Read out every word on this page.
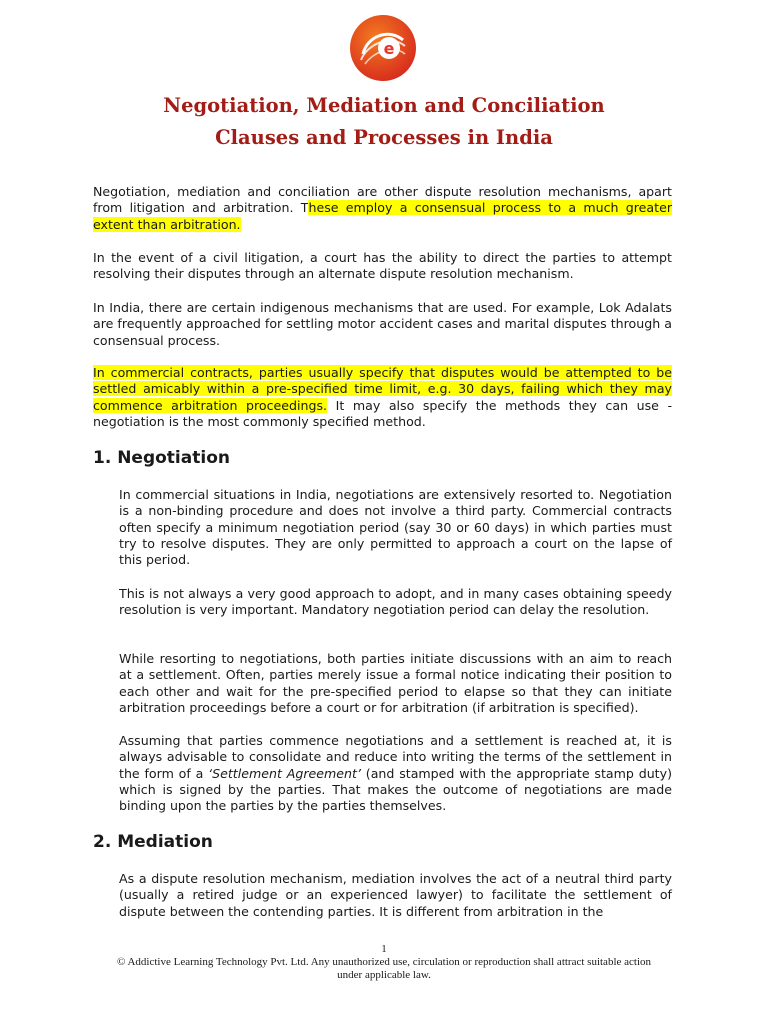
e
Negotiation, Mediation and Conciliation
Clauses and Processes in India

Negotiation, mediation and conciliation are other dispute resolution mechanisms, apart from litigation and arbitration. These employ a consensual process to a much greater extent than arbitration.

In the event of a civil litigation, a court has the ability to direct the parties to attempt resolving their disputes through an alternate dispute resolution mechanism.

In India, there are certain indigenous mechanisms that are used. For example, Lok Adalats are frequently approached for settling motor accident cases and marital disputes through a consensual process.

In commercial contracts, parties usually specify that disputes would be attempted to be settled amicably within a pre-specified time limit, e.g. 30 days, failing which they may commence arbitration proceedings. It may also specify the methods they can use - negotiation is the most commonly specified method.

1. Negotiation

In commercial situations in India, negotiations are extensively resorted to. Negotiation is a non-binding procedure and does not involve a third party. Commercial contracts often specify a minimum negotiation period (say 30 or 60 days) in which parties must try to resolve disputes. They are only permitted to approach a court on the lapse of this period.

This is not always a very good approach to adopt, and in many cases obtaining speedy resolution is very important. Mandatory negotiation period can delay the resolution.

While resorting to negotiations, both parties initiate discussions with an aim to reach at a settlement. Often, parties merely issue a formal notice indicating their position to each other and wait for the pre-specified period to elapse so that they can initiate arbitration proceedings before a court or for arbitration (if arbitration is specified).

Assuming that parties commence negotiations and a settlement is reached at, it is always advisable to consolidate and reduce into writing the terms of the settlement in the form of a ‘Settlement Agreement’ (and stamped with the appropriate stamp duty) which is signed by the parties. That makes the outcome of negotiations are made binding upon the parties by the parties themselves.

2. Mediation

As a dispute resolution mechanism, mediation involves the act of a neutral third party (usually a retired judge or an experienced lawyer) to facilitate the settlement of dispute between the contending parties. It is different from arbitration in the

1
© Addictive Learning Technology Pvt. Ltd. Any unauthorized use, circulation or reproduction shall attract suitable action
under applicable law.
